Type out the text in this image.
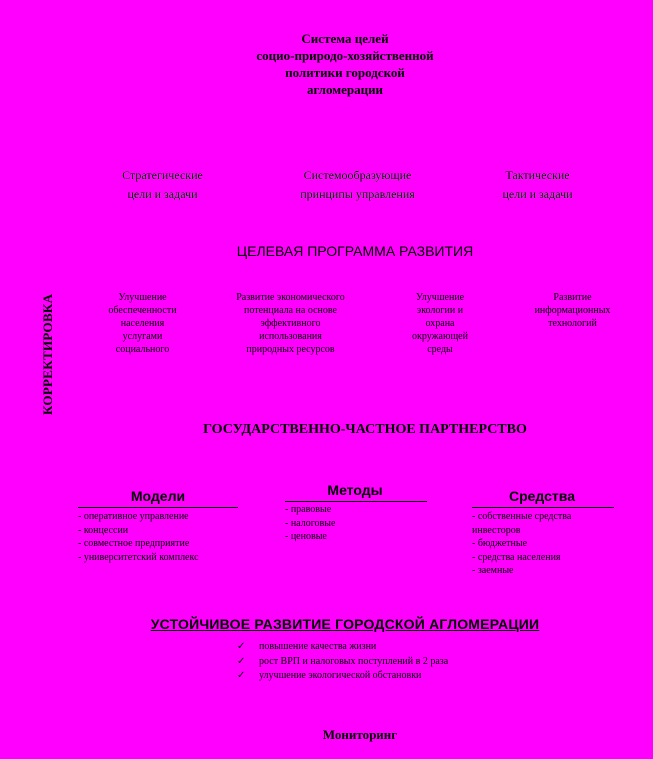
Система целей
социо-природо-хозяйственной
политики городской
агломерации
Стратегические
цели и задачи
Системообразующие
принципы управления
Тактические
цели и задачи
ЦЕЛЕВАЯ ПРОГРАММА РАЗВИТИЯ
КОРРЕКТИРОВКА	Улучшение
обеспеченности
населения
услугами
социального
Развитие экономического
потенциала на основе
эффективного
использования
природных ресурсов
Улучшение
экологии и
охрана
окружающей
среды
Развитие
информационных
технологий
ГОСУДАРСТВЕННО-ЧАСТНОЕ ПАРТНЕРСТВО
Модели
- оперативное управление
- концессии
- совместное предприятие
- университетский комплекс
Методы
- правовые
- налоговые
- ценовые
Средства
- собственные средства
инвесторов
- бюджетные
- средства населения
- заемные
УСТОЙЧИВОЕ РАЗВИТИЕ ГОРОДСКОЙ АГЛОМЕРАЦИИ
✓	повышение качества жизни
✓	рост ВРП и налоговых поступлений в 2 раза
✓	улучшение экологической обстановки
Мониторинг
